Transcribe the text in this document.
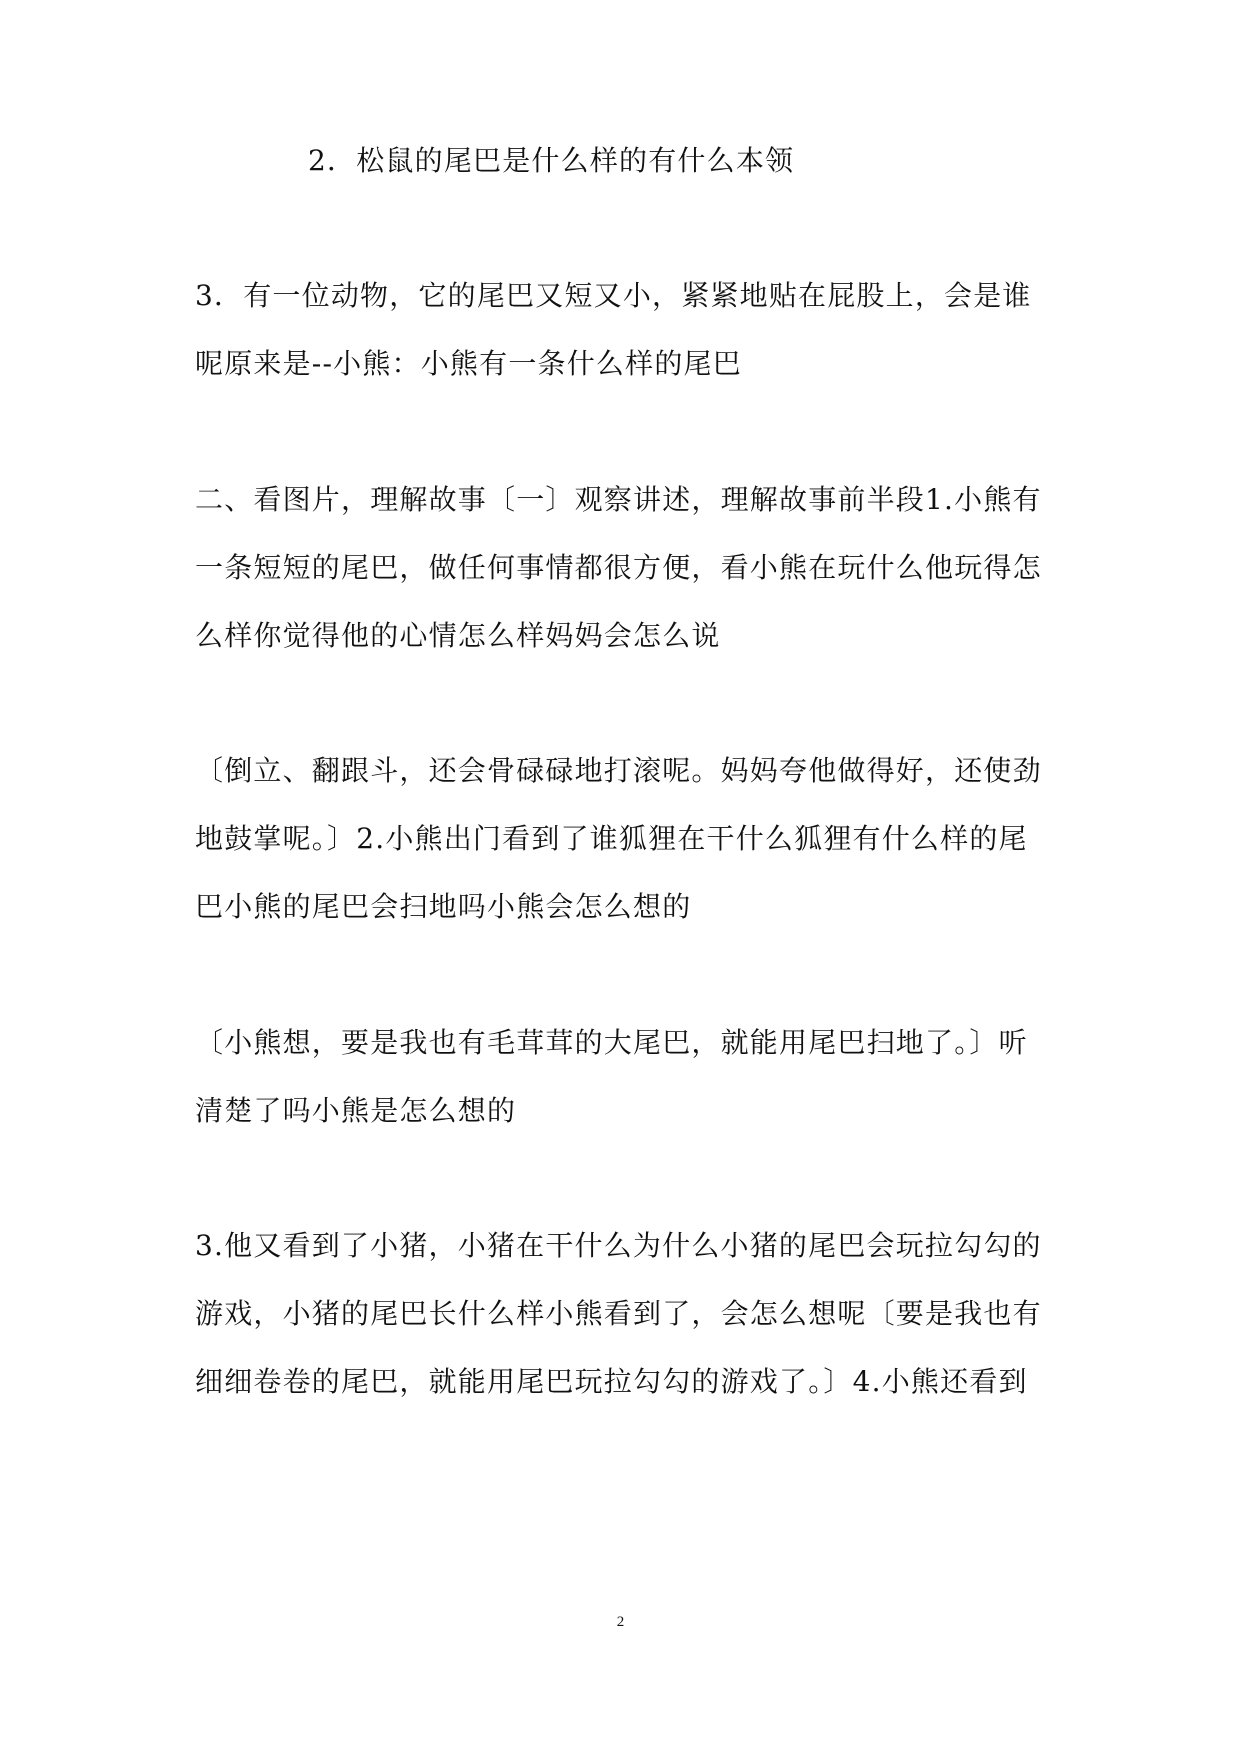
2．松鼠的尾巴是什么样的有什么本领
3．有一位动物，它的尾巴又短又小，紧紧地贴在屁股上，会是谁
呢原来是--小熊：小熊有一条什么样的尾巴
二、看图片，理解故事〔一〕观察讲述，理解故事前半段1.小熊有
一条短短的尾巴，做任何事情都很方便，看小熊在玩什么他玩得怎
么样你觉得他的心情怎么样妈妈会怎么说
〔倒立、翻跟斗，还会骨碌碌地打滚呢。妈妈夸他做得好，还使劲
地鼓掌呢。〕2.小熊出门看到了谁狐狸在干什么狐狸有什么样的尾
巴小熊的尾巴会扫地吗小熊会怎么想的
〔小熊想，要是我也有毛茸茸的大尾巴，就能用尾巴扫地了。〕听
清楚了吗小熊是怎么想的
3.他又看到了小猪，小猪在干什么为什么小猪的尾巴会玩拉勾勾的
游戏，小猪的尾巴长什么样小熊看到了，会怎么想呢〔要是我也有
细细卷卷的尾巴，就能用尾巴玩拉勾勾的游戏了。〕4.小熊还看到
2
